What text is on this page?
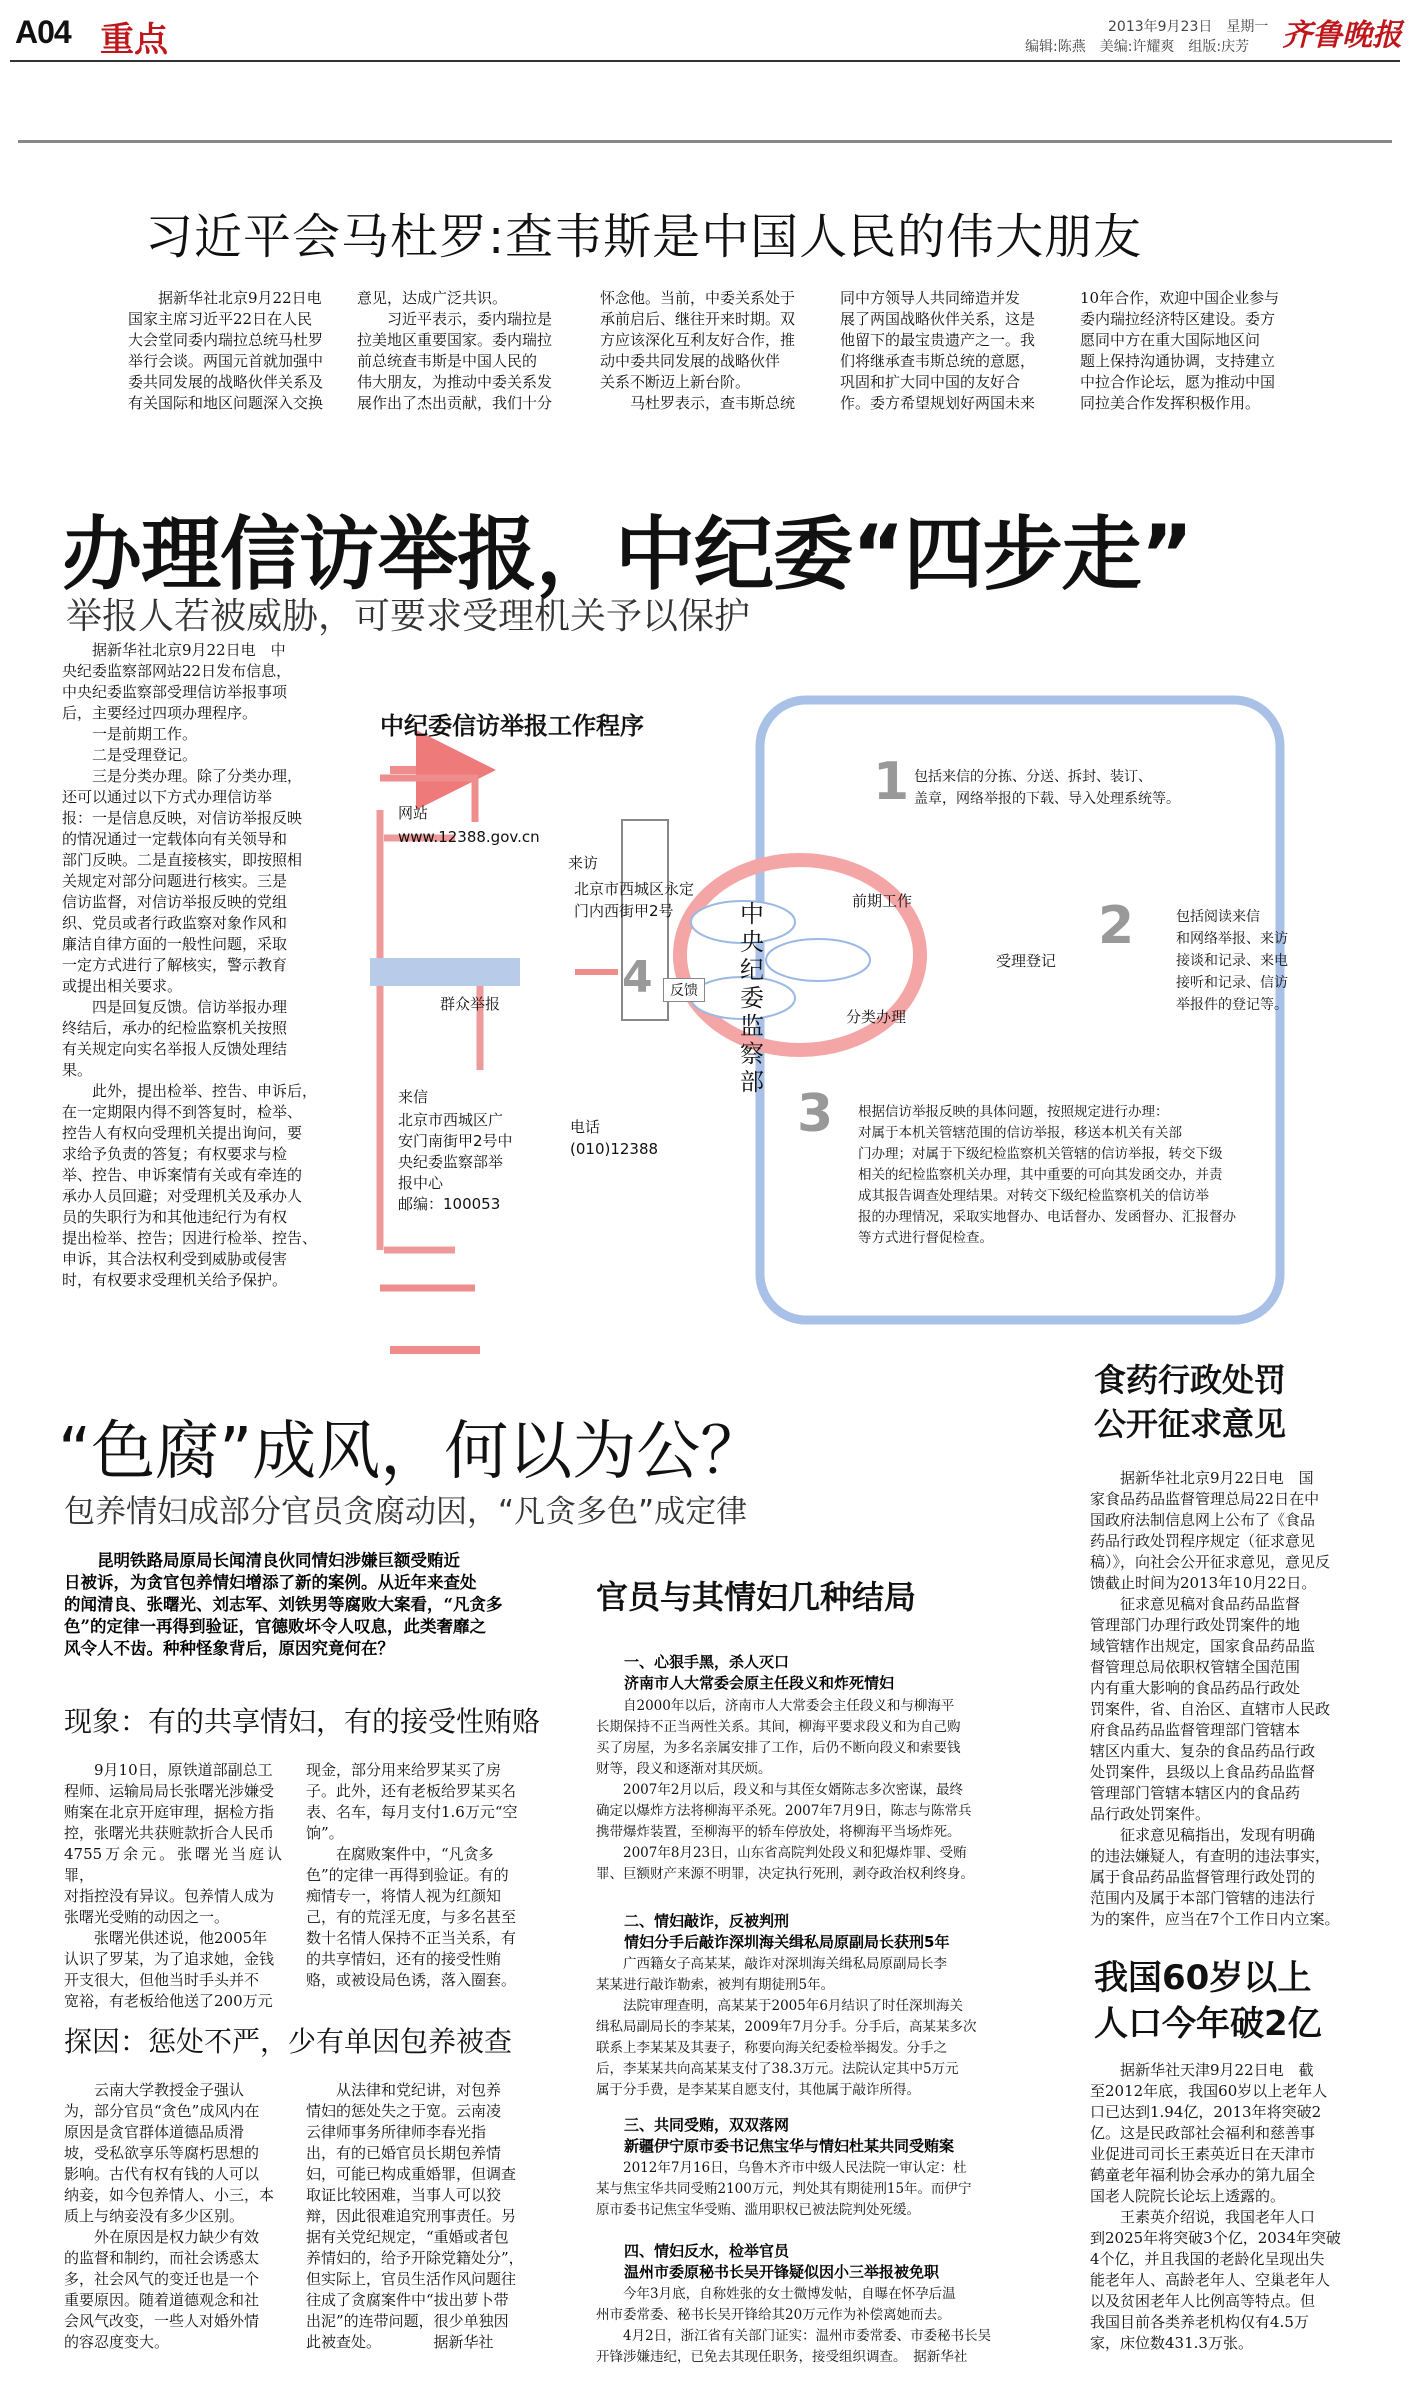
A04 重点	2013年9月23日　星期一
编辑:陈燕　美编:许耀爽　组版:庆芳 齐鲁晚报
习近平会马杜罗:查韦斯是中国人民的伟大朋友
　　据新华社北京9月22日电
国家主席习近平22日在人民
大会堂同委内瑞拉总统马杜罗
举行会谈。两国元首就加强中
委共同发展的战略伙伴关系及
有关国际和地区问题深入交换
意见，达成广泛共识。
　　习近平表示，委内瑞拉是
拉美地区重要国家。委内瑞拉
前总统查韦斯是中国人民的
伟大朋友，为推动中委关系发
展作出了杰出贡献，我们十分
怀念他。当前，中委关系处于
承前启后、继往开来时期。双
方应该深化互利友好合作，推
动中委共同发展的战略伙伴
关系不断迈上新台阶。
　　马杜罗表示，查韦斯总统
同中方领导人共同缔造并发
展了两国战略伙伴关系，这是
他留下的最宝贵遗产之一。我
们将继承查韦斯总统的意愿，
巩固和扩大同中国的友好合
作。委方希望规划好两国未来
10年合作，欢迎中国企业参与
委内瑞拉经济特区建设。委方
愿同中方在重大国际地区问
题上保持沟通协调，支持建立
中拉合作论坛，愿为推动中国
同拉美合作发挥积极作用。
办理信访举报，中纪委“四步走”
举报人若被威胁，可要求受理机关予以保护
　　据新华社北京9月22日电　中
央纪委监察部网站22日发布信息，
中央纪委监察部受理信访举报事项
后，主要经过四项办理程序。
　　一是前期工作。
　　二是受理登记。
　　三是分类办理。除了分类办理，
还可以通过以下方式办理信访举
报：一是信息反映，对信访举报反映
的情况通过一定载体向有关领导和
部门反映。二是直接核实，即按照相
关规定对部分问题进行核实。三是
信访监督，对信访举报反映的党组
织、党员或者行政监察对象作风和
廉洁自律方面的一般性问题，采取
一定方式进行了解核实，警示教育
或提出相关要求。
　　四是回复反馈。信访举报办理
终结后，承办的纪检监察机关按照
有关规定向实名举报人反馈处理结
果。
　　此外，提出检举、控告、申诉后，
在一定期限内得不到答复时，检举、
控告人有权向受理机关提出询问，要
求给予负责的答复；有权要求与检
举、控告、申诉案情有关或有牵连的
承办人员回避；对受理机关及承办人
员的失职行为和其他违纪行为有权
提出检举、控告；因进行检举、控告、
申诉，其合法权利受到威胁或侵害
时，有权要求受理机关给予保护。
中纪委信访举报工作程序
网站
www.12388.gov.cn
来访
北京市西城区永定
门内西街甲2号
群众举报
4	反馈
来信
北京市西城区广
安门南街甲2号中
央纪委监察部举
报中心
邮编：100053
电话
(010)12388
中央纪委监察部
1 包括来信的分拣、分送、拆封、装订、
盖章，网络举报的下载、导入处理系统等。
前期工作
受理登记
分类办理
2	包括阅读来信
和网络举报、来访
接谈和记录、来电
接听和记录、信访
举报件的登记等。
3 根据信访举报反映的具体问题，按照规定进行办理：
对属于本机关管辖范围的信访举报，移送本机关有关部
门办理；对属于下级纪检监察机关管辖的信访举报，转交下级
相关的纪检监察机关办理，其中重要的可向其发函交办，并责
成其报告调查处理结果。对转交下级纪检监察机关的信访举
报的办理情况，采取实地督办、电话督办、发函督办、汇报督办
等方式进行督促检查。
“色腐”成风，何以为公？
包养情妇成部分官员贪腐动因，“凡贪多色”成定律
　　昆明铁路局原局长闻清良伙同情妇涉嫌巨额受贿近
日被诉，为贪官包养情妇增添了新的案例。从近年来查处
的闻清良、张曙光、刘志军、刘铁男等腐败大案看，“凡贪多
色”的定律一再得到验证，官德败坏令人叹息，此类奢靡之
风令人不齿。种种怪象背后，原因究竟何在？
现象：有的共享情妇，有的接受性贿赂
　　9月10日，原铁道部副总工
程师、运输局局长张曙光涉嫌受
贿案在北京开庭审理，据检方指
控，张曙光共获赃款折合人民币
4755万余元。张曙光当庭认罪，
对指控没有异议。包养情人成为
张曙光受贿的动因之一。
　　张曙光供述说，他2005年
认识了罗某，为了追求她，金钱
开支很大，但他当时手头并不
宽裕，有老板给他送了200万元
现金，部分用来给罗某买了房
子。此外，还有老板给罗某买名
表、名车，每月支付1.6万元“空
饷”。
　　在腐败案件中，“凡贪多
色”的定律一再得到验证。有的
痴情专一，将情人视为红颜知
己，有的荒淫无度，与多名甚至
数十名情人保持不正当关系，有
的共享情妇，还有的接受性贿
赂，或被设局色诱，落入圈套。
探因：惩处不严，少有单因包养被查
　　云南大学教授金子强认
为，部分官员“贪色”成风内在
原因是贪官群体道德品质滑
坡，受私欲享乐等腐朽思想的
影响。古代有权有钱的人可以
纳妾，如今包养情人、小三，本
质上与纳妾没有多少区别。
　　外在原因是权力缺少有效
的监督和制约，而社会诱惑太
多，社会风气的变迁也是一个
重要原因。随着道德观念和社
会风气改变，一些人对婚外情
的容忍度变大。
　　从法律和党纪讲，对包养
情妇的惩处失之于宽。云南凌
云律师事务所律师李春光指
出，有的已婚官员长期包养情
妇，可能已构成重婚罪，但调查
取证比较困难，当事人可以狡
辩，因此很难追究刑事责任。另
据有关党纪规定，“重婚或者包
养情妇的，给予开除党籍处分”，
但实际上，官员生活作风问题往
往成了贪腐案件中“拔出萝卜带
出泥”的连带问题，很少单独因
此被查处。　　　　据新华社
官员与其情妇几种结局
一、心狠手黑，杀人灭口
济南市人大常委会原主任段义和炸死情妇
　　自2000年以后，济南市人大常委会主任段义和与柳海平
长期保持不正当两性关系。其间，柳海平要求段义和为自己购
买了房屋，为多名亲属安排了工作，后仍不断向段义和索要钱
财等，段义和逐渐对其厌烦。
　　2007年2月以后，段义和与其侄女婿陈志多次密谋，最终
确定以爆炸方法将柳海平杀死。2007年7月9日，陈志与陈常兵
携带爆炸装置，至柳海平的轿车停放处，将柳海平当场炸死。
　　2007年8月23日，山东省高院判处段义和犯爆炸罪、受贿
罪、巨额财产来源不明罪，决定执行死刑，剥夺政治权利终身。
二、情妇敲诈，反被判刑
情妇分手后敲诈深圳海关缉私局原副局长获刑5年
　　广西籍女子高某某，敲诈对深圳海关缉私局原副局长李
某某进行敲诈勒索，被判有期徒刑5年。
　　法院审理查明，高某某于2005年6月结识了时任深圳海关
缉私局副局长的李某某，2009年7月分手。分手后，高某某多次
联系上李某某及其妻子，称要向海关纪委检举揭发。分手之
后，李某某共向高某某支付了38.3万元。法院认定其中5万元
属于分手费，是李某某自愿支付，其他属于敲诈所得。
三、共同受贿，双双落网
新疆伊宁原市委书记焦宝华与情妇杜某共同受贿案
　　2012年7月16日，乌鲁木齐市中级人民法院一审认定：杜
某与焦宝华共同受贿2100万元，判处其有期徒刑15年。而伊宁
原市委书记焦宝华受贿、滥用职权已被法院判处死缓。
四、情妇反水，检举官员
温州市委原秘书长吴开锋疑似因小三举报被免职
　　今年3月底，自称姓张的女士微博发帖，自曝在怀孕后温
州市委常委、秘书长吴开锋给其20万元作为补偿离她而去。
　　4月2日，浙江省有关部门证实：温州市委常委、市委秘书长吴
开锋涉嫌违纪，已免去其现任职务，接受组织调查。　据新华社
食药行政处罚
公开征求意见
　　据新华社北京9月22日电　国
家食品药品监督管理总局22日在中
国政府法制信息网上公布了《食品
药品行政处罚程序规定（征求意见
稿）》，向社会公开征求意见，意见反
馈截止时间为2013年10月22日。
　　征求意见稿对食品药品监督
管理部门办理行政处罚案件的地
域管辖作出规定，国家食品药品监
督管理总局依职权管辖全国范围
内有重大影响的食品药品行政处
罚案件，省、自治区、直辖市人民政
府食品药品监督管理部门管辖本
辖区内重大、复杂的食品药品行政
处罚案件，县级以上食品药品监督
管理部门管辖本辖区内的食品药
品行政处罚案件。
　　征求意见稿指出，发现有明确
的违法嫌疑人，有查明的违法事实，
属于食品药品监督管理行政处罚的
范围内及属于本部门管辖的违法行
为的案件，应当在7个工作日内立案。
我国60岁以上
人口今年破2亿
　　据新华社天津9月22日电　截
至2012年底，我国60岁以上老年人
口已达到1.94亿，2013年将突破2
亿。这是民政部社会福利和慈善事
业促进司司长王素英近日在天津市
鹤童老年福利协会承办的第九届全
国老人院院长论坛上透露的。
　　王素英介绍说，我国老年人口
到2025年将突破3个亿，2034年突破
4个亿，并且我国的老龄化呈现出失
能老年人、高龄老年人、空巢老年人
以及贫困老年人比例高等特点。但
我国目前各类养老机构仅有4.5万
家，床位数431.3万张。
